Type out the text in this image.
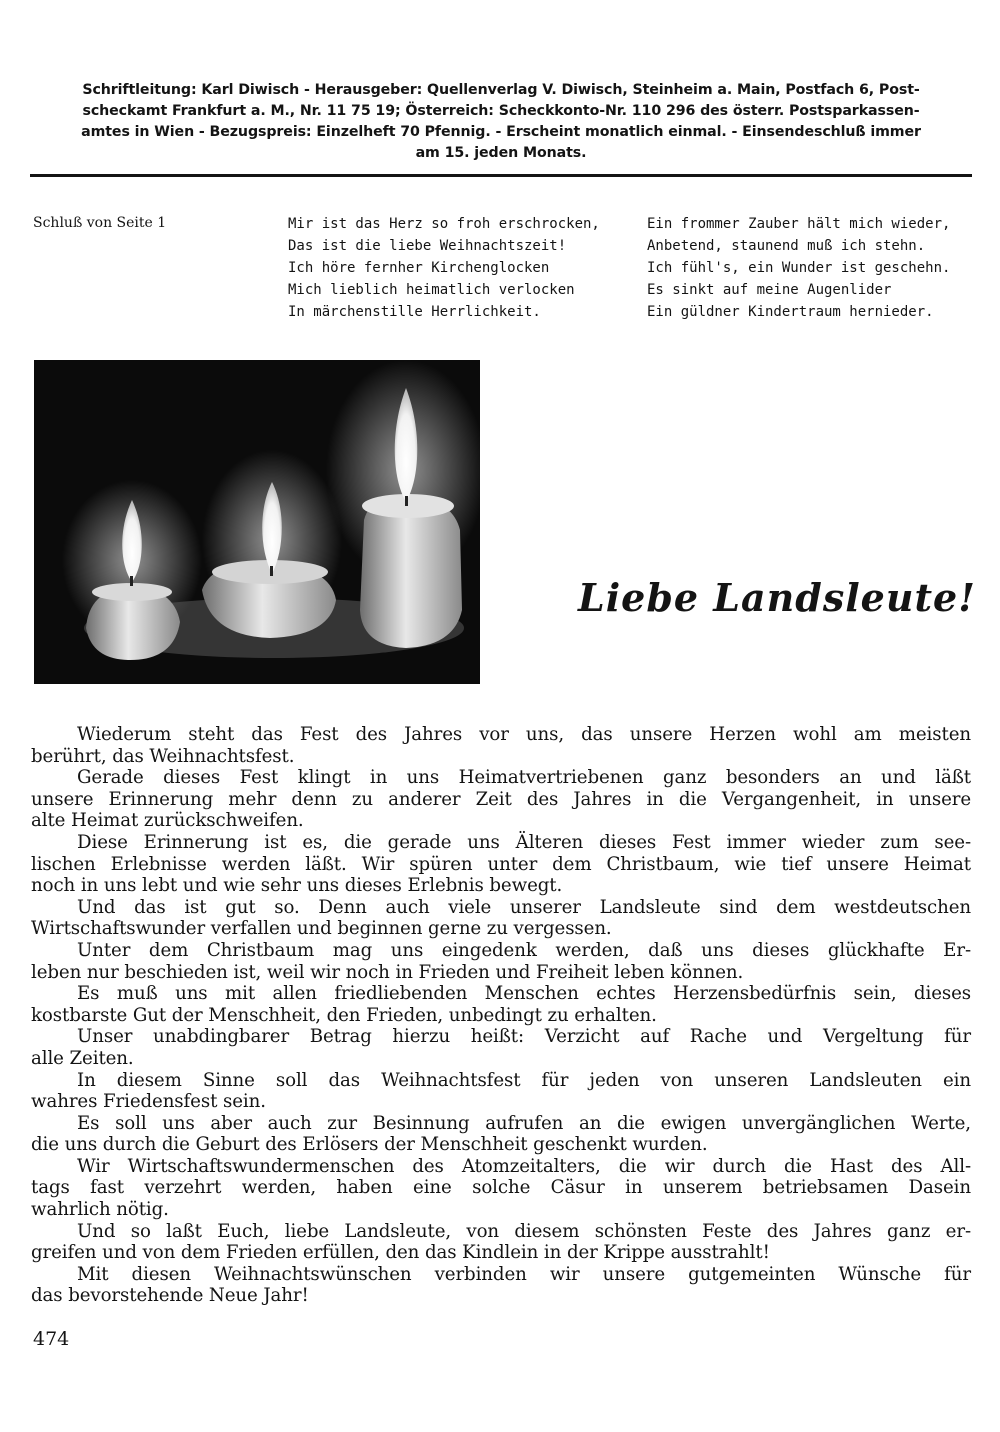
Schriftleitung: Karl Diwisch - Herausgeber: Quellenverlag V. Diwisch, Steinheim a. Main, Postfach 6, Post-
scheckamt Frankfurt a. M., Nr. 11 75 19; Österreich: Scheckkonto-Nr. 110 296 des österr. Postsparkassen-
amtes in Wien - Bezugspreis: Einzelheft 70 Pfennig. - Erscheint monatlich einmal. - Einsendeschluß immer
am 15. jeden Monats.
Schluß von Seite 1	Mir ist das Herz so froh erschrocken,
Das ist die liebe Weihnachtszeit!
Ich höre fernher Kirchenglocken
Mich lieblich heimatlich verlocken
In märchenstille Herrlichkeit.
Ein frommer Zauber hält mich wieder,
Anbetend, staunend muß ich stehn.
Ich fühl's, ein Wunder ist geschehn.
Es sinkt auf meine Augenlider
Ein güldner Kindertraum hernieder.
Liebe Landsleute!
Wiederum steht das Fest des Jahres vor uns, das unsere Herzen wohl am meisten
berührt, das Weihnachtsfest.
Gerade dieses Fest klingt in uns Heimatvertriebenen ganz besonders an und läßt
unsere Erinnerung mehr denn zu anderer Zeit des Jahres in die Vergangenheit, in unsere
alte Heimat zurückschweifen.
Diese Erinnerung ist es, die gerade uns Älteren dieses Fest immer wieder zum see-
lischen Erlebnisse werden läßt. Wir spüren unter dem Christbaum, wie tief unsere Heimat
noch in uns lebt und wie sehr uns dieses Erlebnis bewegt.
Und das ist gut so. Denn auch viele unserer Landsleute sind dem westdeutschen
Wirtschaftswunder verfallen und beginnen gerne zu vergessen.
Unter dem Christbaum mag uns eingedenk werden, daß uns dieses glückhafte Er-
leben nur beschieden ist, weil wir noch in Frieden und Freiheit leben können.
Es muß uns mit allen friedliebenden Menschen echtes Herzensbedürfnis sein, dieses
kostbarste Gut der Menschheit, den Frieden, unbedingt zu erhalten.
Unser unabdingbarer Betrag hierzu heißt: Verzicht auf Rache und Vergeltung für
alle Zeiten.
In diesem Sinne soll das Weihnachtsfest für jeden von unseren Landsleuten ein
wahres Friedensfest sein.
Es soll uns aber auch zur Besinnung aufrufen an die ewigen unvergänglichen Werte,
die uns durch die Geburt des Erlösers der Menschheit geschenkt wurden.
Wir Wirtschaftswundermenschen des Atomzeitalters, die wir durch die Hast des All-
tags fast verzehrt werden, haben eine solche Cäsur in unserem betriebsamen Dasein
wahrlich nötig.
Und so laßt Euch, liebe Landsleute, von diesem schönsten Feste des Jahres ganz er-
greifen und von dem Frieden erfüllen, den das Kindlein in der Krippe ausstrahlt!
Mit diesen Weihnachtswünschen verbinden wir unsere gutgemeinten Wünsche für
das bevorstehende Neue Jahr!
474
